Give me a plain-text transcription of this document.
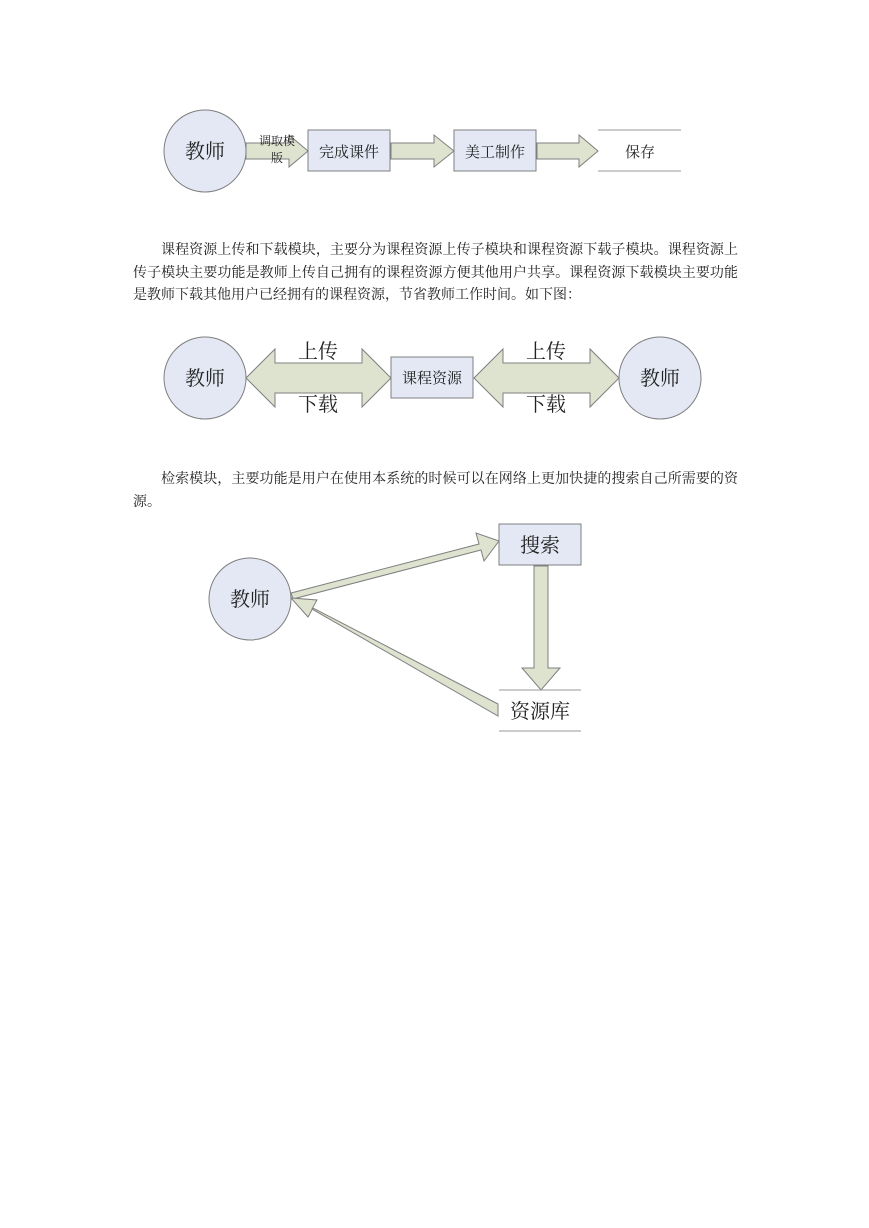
教师	调取模
版 完成课件	美工制作	保存

课程资源上传和下载模块，主要分为课程资源上传子模块和课程资源下载子模块。课程资源上传子模块主要功能是教师上传自己拥有的课程资源方便其他用户共享。课程资源下载模块主要功能是教师下载其他用户已经拥有的课程资源，节省教师工作时间。如下图：

教师
上传
下载
课程资源
上传
下载
教师

检索模块，主要功能是用户在使用本系统的时候可以在网络上更加快捷的搜索自己所需要的资源。

教师
搜索
资源库
